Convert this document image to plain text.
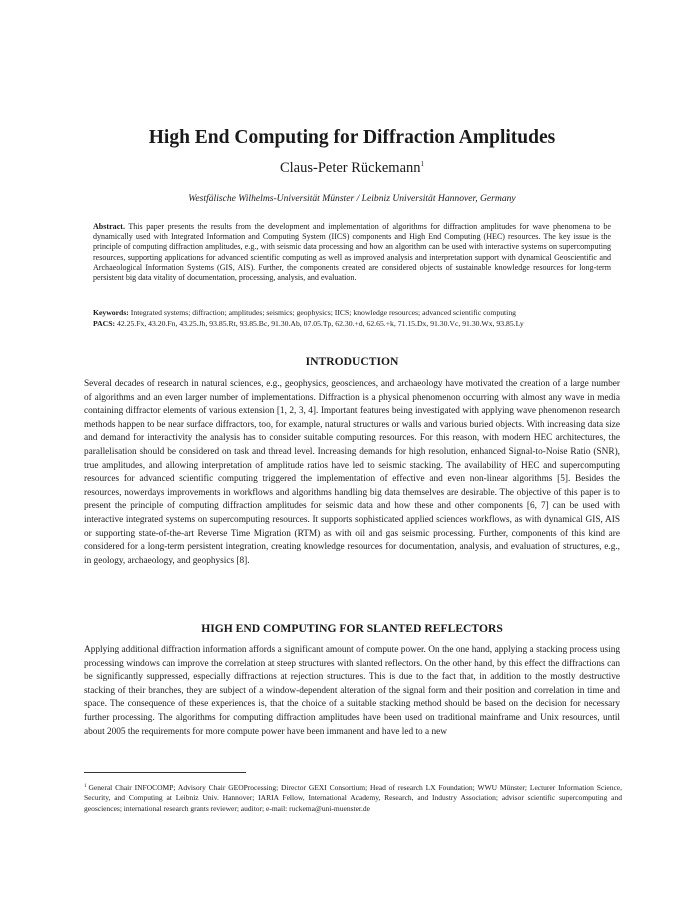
High End Computing for Diffraction Amplitudes
Claus-Peter Rückemann$^1$
Westfälische Wilhelms-Universität Münster / Leibniz Universität Hannover, Germany
Abstract. This paper presents the results from the development and implementation of algorithms for diffraction amplitudes for wave phenomena to be dynamically used with Integrated Information and Computing System (IICS) components and High End Computing (HEC) resources. The key issue is the principle of computing diffraction amplitudes, e.g., with seismic data processing and how an algorithm can be used with interactive systems on supercomputing resources, supporting applications for advanced scientific computing as well as improved analysis and interpretation support with dynamical Geoscientific and Archaeological Information Systems (GIS, AIS). Further, the components created are considered objects of sustainable knowledge resources for long-term persistent big data vitality of documentation, processing, analysis, and evaluation.
Keywords: Integrated systems; diffraction; amplitudes; seismics; geophysics; IICS; knowledge resources; advanced scientific computing
PACS: 42.25.Fx, 43.20.Fn, 43.25.Jh, 93.85.Rt, 93.85.Bc, 91.30.Ab, 07.05.Tp, 62.30.+d, 62.65.+k, 71.15.Dx, 91.30.Vc, 91.30.Wx, 93.85.Ly
INTRODUCTION
Several decades of research in natural sciences, e.g., geophysics, geosciences, and archaeology have motivated the creation of a large number of algorithms and an even larger number of implementations. Diffraction is a physical phenomenon occurring with almost any wave in media containing diffractor elements of various extension [1, 2, 3, 4]. Important features being investigated with applying wave phenomenon research methods happen to be near surface diffractors, too, for example, natural structures or walls and various buried objects. With increasing data size and demand for interactivity the analysis has to consider suitable computing resources. For this reason, with modern HEC architectures, the parallelisation should be considered on task and thread level. Increasing demands for high resolution, enhanced Signal-to-Noise Ratio (SNR), true amplitudes, and allowing interpretation of amplitude ratios have led to seismic stacking. The availability of HEC and supercomputing resources for advanced scientific computing triggered the implementation of effective and even non-linear algorithms [5]. Besides the resources, nowerdays improvements in workflows and algorithms handling big data themselves are desirable. The objective of this paper is to present the principle of computing diffraction amplitudes for seismic data and how these and other components [6, 7] can be used with interactive integrated systems on supercomputing resources. It supports sophisticated applied sciences workflows, as with dynamical GIS, AIS or supporting state-of-the-art Reverse Time Migration (RTM) as with oil and gas seismic processing. Further, components of this kind are considered for a long-term persistent integration, creating knowledge resources for documentation, analysis, and evaluation of structures, e.g., in geology, archaeology, and geophysics [8].
HIGH END COMPUTING FOR SLANTED REFLECTORS
Applying additional diffraction information affords a significant amount of compute power. On the one hand, applying a stacking process using processing windows can improve the correlation at steep structures with slanted reflectors. On the other hand, by this effect the diffractions can be significantly suppressed, especially diffractions at rejection structures. This is due to the fact that, in addition to the mostly destructive stacking of their branches, they are subject of a window-dependent alteration of the signal form and their position and correlation in time and space. The consequence of these experiences is, that the choice of a suitable stacking method should be based on the decision for necessary further processing. The algorithms for computing diffraction amplitudes have been used on traditional mainframe and Unix resources, until about 2005 the requirements for more compute power have been immanent and have led to a new
$^1$ General Chair INFOCOMP; Advisory Chair GEOProcessing; Director GEXI Consortium; Head of research LX Foundation; WWU Münster; Lecturer Information Science, Security, and Computing at Leibniz Univ. Hannover; IARIA Fellow, International Academy, Research, and Industry Association; advisor scientific supercomputing and geosciences; international research grants reviewer; auditor; e-mail: ruckema@uni-muenster.de
